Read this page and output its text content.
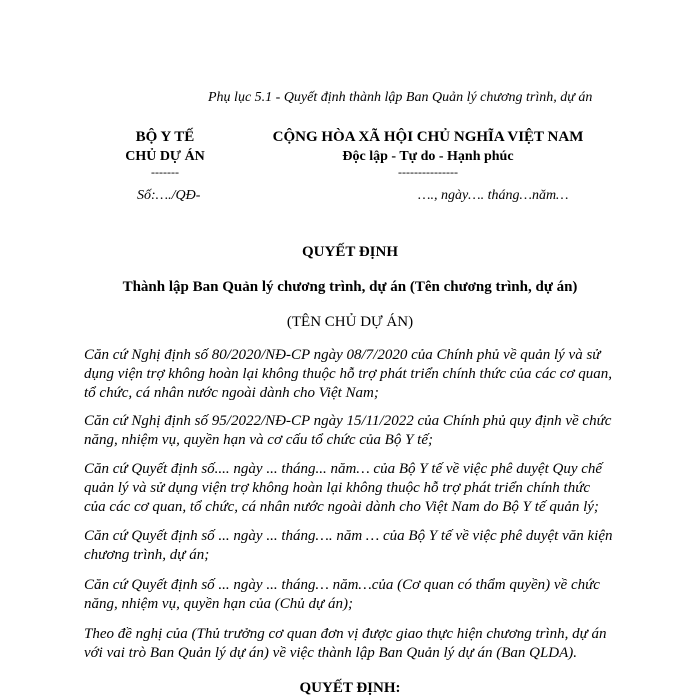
Phụ lục 5.1 - Quyết định thành lập Ban Quản lý chương trình, dự án
BỘ Y TẾ
CHỦ DỰ ÁN
-------
CỘNG HÒA XÃ HỘI CHỦ NGHĨA VIỆT NAM
Độc lập - Tự do - Hạnh phúc
---------------
Số:…./QĐ-	…., ngày…. tháng…năm…
QUYẾT ĐỊNH
Thành lập Ban Quản lý chương trình, dự án (Tên chương trình, dự án)
(TÊN CHỦ DỰ ÁN)
Căn cứ Nghị định số 80/2020/NĐ-CP ngày 08/7/2020 của Chính phủ về quản lý và sử dụng viện trợ không hoàn lại không thuộc hỗ trợ phát triển chính thức của các cơ quan, tổ chức, cá nhân nước ngoài dành cho Việt Nam;
Căn cứ Nghị định số 95/2022/NĐ-CP ngày 15/11/2022 của Chính phủ quy định về chức năng, nhiệm vụ, quyền hạn và cơ cấu tổ chức của Bộ Y tế;
Căn cứ Quyết định số.... ngày ... tháng... năm… của Bộ Y tế về việc phê duyệt Quy chế quản lý và sử dụng viện trợ không hoàn lại không thuộc hỗ trợ phát triển chính thức của các cơ quan, tổ chức, cá nhân nước ngoài dành cho Việt Nam do Bộ Y tế quản lý;
Căn cứ Quyết định số ... ngày ... tháng…. năm … của Bộ Y tế về việc phê duyệt văn kiện chương trình, dự án;
Căn cứ Quyết định số ... ngày ... tháng… năm…của (Cơ quan có thẩm quyền) về chức năng, nhiệm vụ, quyền hạn của (Chủ dự án);
Theo đề nghị của (Thủ trưởng cơ quan đơn vị được giao thực hiện chương trình, dự án với vai trò Ban Quản lý dự án) về việc thành lập Ban Quản lý dự án (Ban QLDA).
QUYẾT ĐỊNH:
